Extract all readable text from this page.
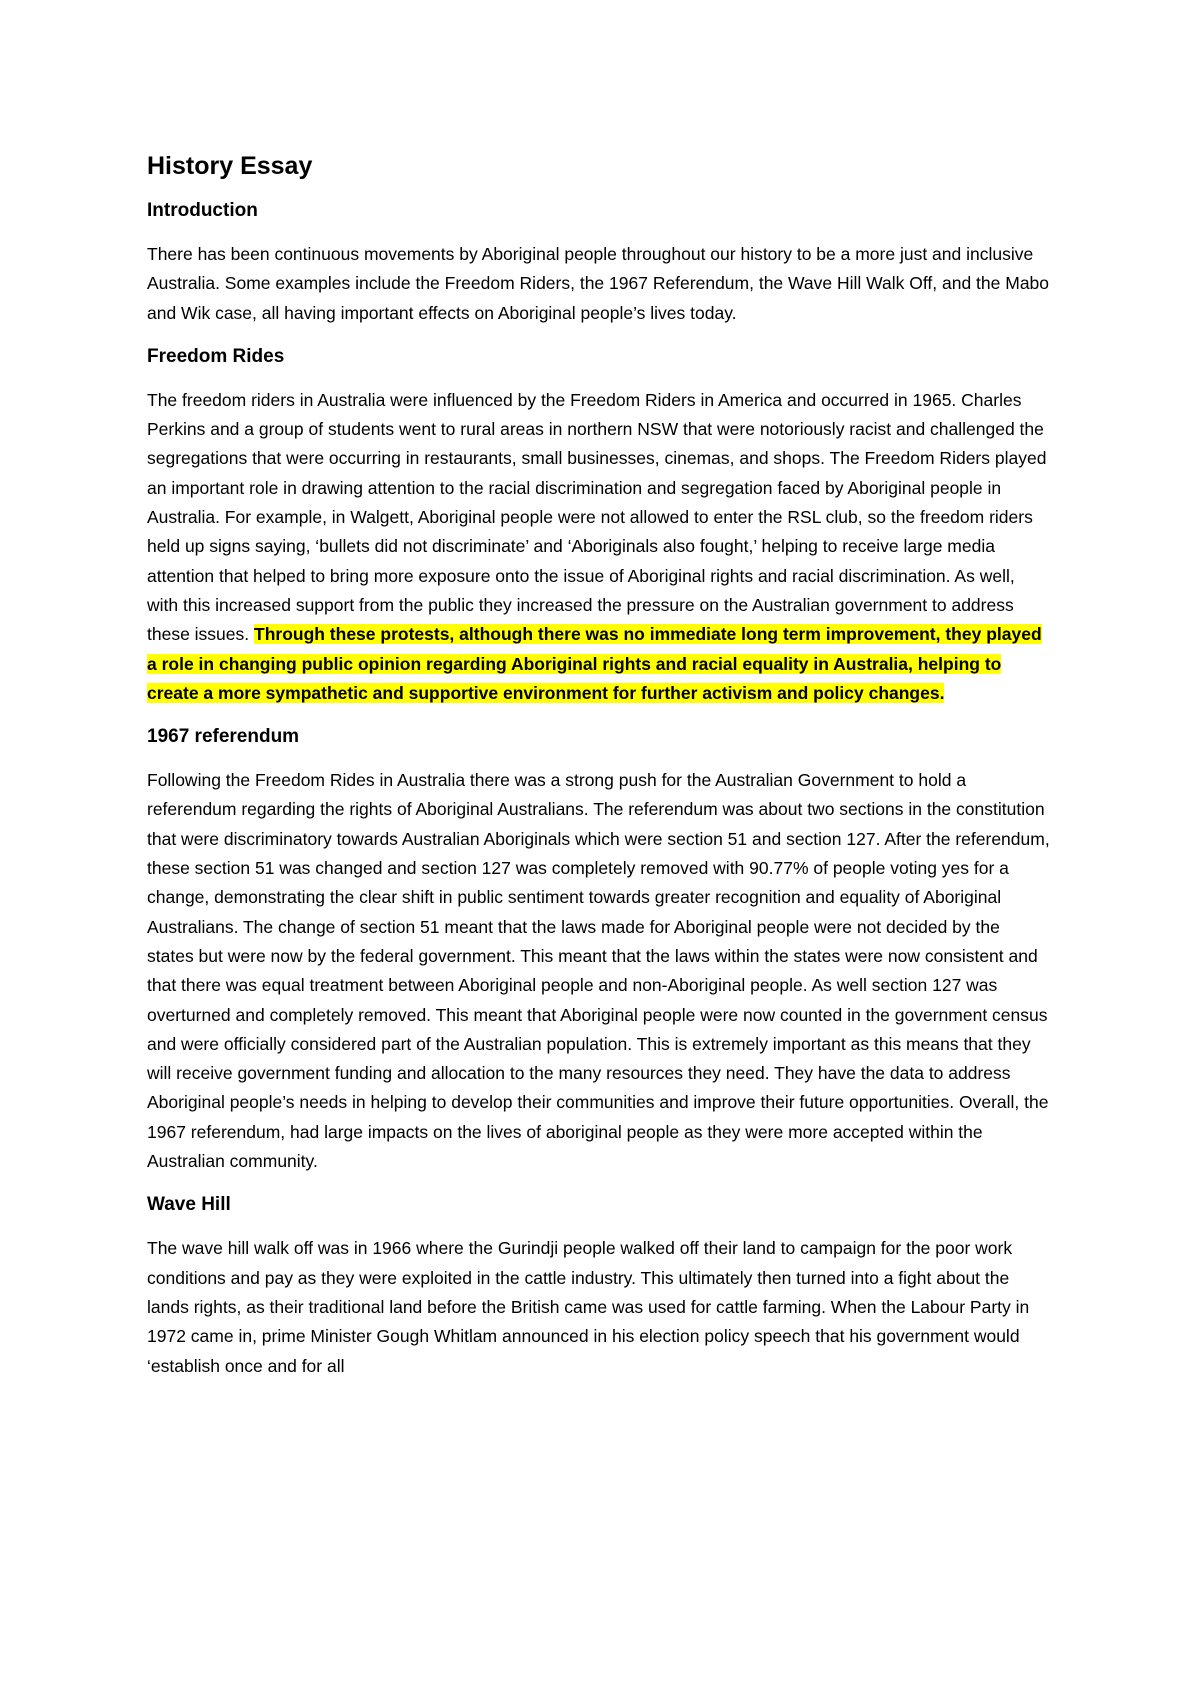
History Essay
Introduction

There has been continuous movements by Aboriginal people throughout our history to be a more just and inclusive Australia. Some examples include the Freedom Riders, the 1967 Referendum, the Wave Hill Walk Off, and the Mabo and Wik case, all having important effects on Aboriginal people’s lives today.

Freedom Rides

The freedom riders in Australia were influenced by the Freedom Riders in America and occurred in 1965. Charles Perkins and a group of students went to rural areas in northern NSW that were notoriously racist and challenged the segregations that were occurring in restaurants, small businesses, cinemas, and shops. The Freedom Riders played an important role in drawing attention to the racial discrimination and segregation faced by Aboriginal people in Australia. For example, in Walgett, Aboriginal people were not allowed to enter the RSL club, so the freedom riders held up signs saying, ‘bullets did not discriminate’ and ‘Aboriginals also fought,’ helping to receive large media attention that helped to bring more exposure onto the issue of Aboriginal rights and racial discrimination. As well, with this increased support from the public they increased the pressure on the Australian government to address these issues. Through these protests, although there was no immediate long term improvement, they played a role in changing public opinion regarding Aboriginal rights and racial equality in Australia, helping to create a more sympathetic and supportive environment for further activism and policy changes.

1967 referendum

Following the Freedom Rides in Australia there was a strong push for the Australian Government to hold a referendum regarding the rights of Aboriginal Australians. The referendum was about two sections in the constitution that were discriminatory towards Australian Aboriginals which were section 51 and section 127. After the referendum, these section 51 was changed and section 127 was completely removed with 90.77% of people voting yes for a change, demonstrating the clear shift in public sentiment towards greater recognition and equality of Aboriginal Australians. The change of section 51 meant that the laws made for Aboriginal people were not decided by the states but were now by the federal government. This meant that the laws within the states were now consistent and that there was equal treatment between Aboriginal people and non-Aboriginal people. As well section 127 was overturned and completely removed. This meant that Aboriginal people were now counted in the government census and were officially considered part of the Australian population. This is extremely important as this means that they will receive government funding and allocation to the many resources they need. They have the data to address Aboriginal people’s needs in helping to develop their communities and improve their future opportunities. Overall, the 1967 referendum, had large impacts on the lives of aboriginal people as they were more accepted within the Australian community.

Wave Hill

The wave hill walk off was in 1966 where the Gurindji people walked off their land to campaign for the poor work conditions and pay as they were exploited in the cattle industry. This ultimately then turned into a fight about the lands rights, as their traditional land before the British came was used for cattle farming. When the Labour Party in 1972 came in, prime Minister Gough Whitlam announced in his election policy speech that his government would ‘establish once and for all
